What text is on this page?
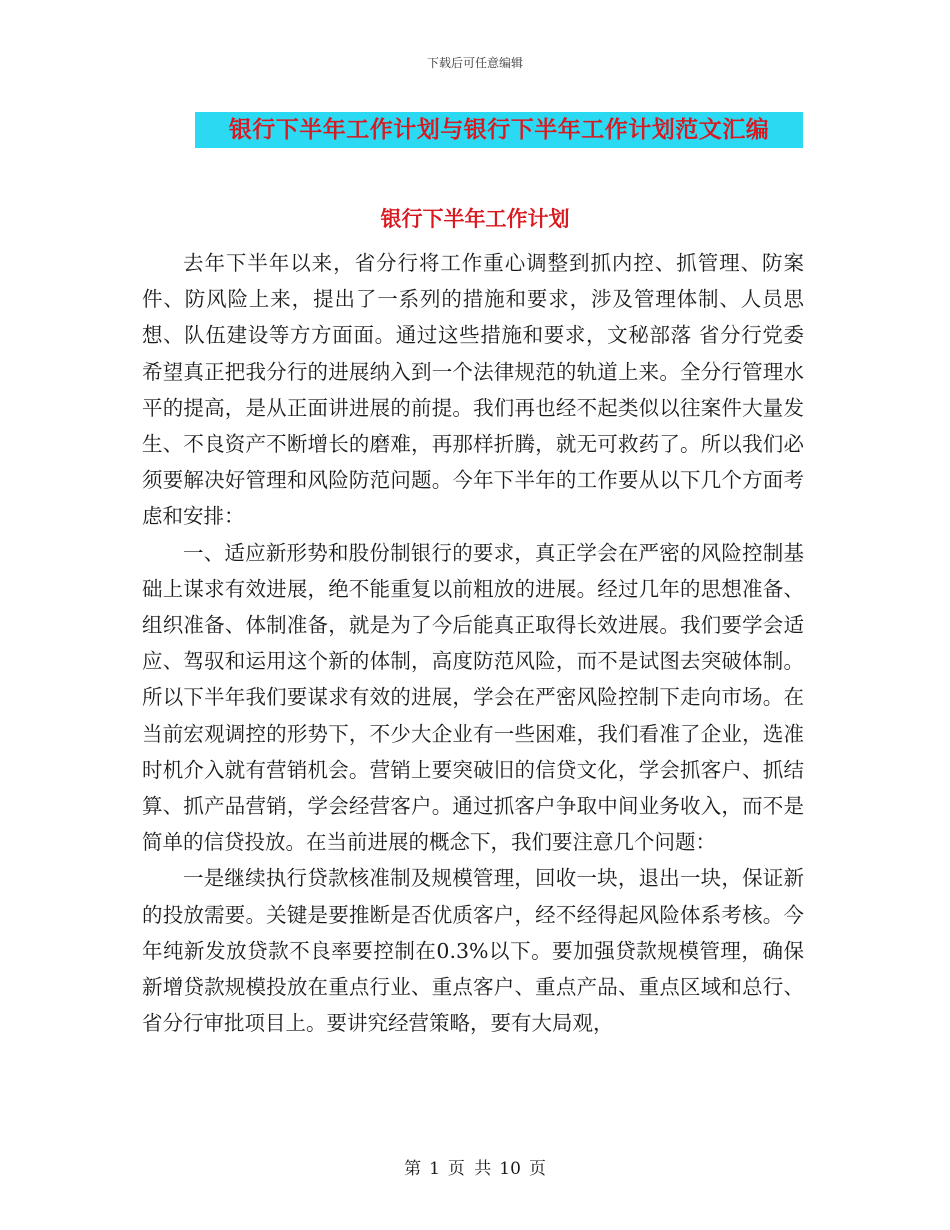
下载后可任意编辑
银行下半年工作计划与银行下半年工作计划范文汇编
银行下半年工作计划

去年下半年以来，省分行将工作重心调整到抓内控、抓管理、防案件、防风险上来，提出了一系列的措施和要求，涉及管理体制、人员思想、队伍建设等方方面面。通过这些措施和要求，文秘部落 省分行党委希望真正把我分行的进展纳入到一个法律规范的轨道上来。全分行管理水平的提高，是从正面讲进展的前提。我们再也经不起类似以往案件大量发生、不良资产不断增长的磨难，再那样折腾，就无可救药了。所以我们必须要解决好管理和风险防范问题。今年下半年的工作要从以下几个方面考虑和安排：

一、适应新形势和股份制银行的要求，真正学会在严密的风险控制基础上谋求有效进展，绝不能重复以前粗放的进展。经过几年的思想准备、组织准备、体制准备，就是为了今后能真正取得长效进展。我们要学会适应、驾驭和运用这个新的体制，高度防范风险，而不是试图去突破体制。所以下半年我们要谋求有效的进展，学会在严密风险控制下走向市场。在当前宏观调控的形势下，不少大企业有一些困难，我们看准了企业，选准时机介入就有营销机会。营销上要突破旧的信贷文化，学会抓客户、抓结算、抓产品营销，学会经营客户。通过抓客户争取中间业务收入，而不是简单的信贷投放。在当前进展的概念下，我们要注意几个问题：

一是继续执行贷款核准制及规模管理，回收一块，退出一块，保证新的投放需要。关键是要推断是否优质客户，经不经得起风险体系考核。今年纯新发放贷款不良率要控制在0.3%以下。要加强贷款规模管理，确保新增贷款规模投放在重点行业、重点客户、重点产品、重点区域和总行、省分行审批项目上。要讲究经营策略，要有大局观，

第 1 页 共 10 页
